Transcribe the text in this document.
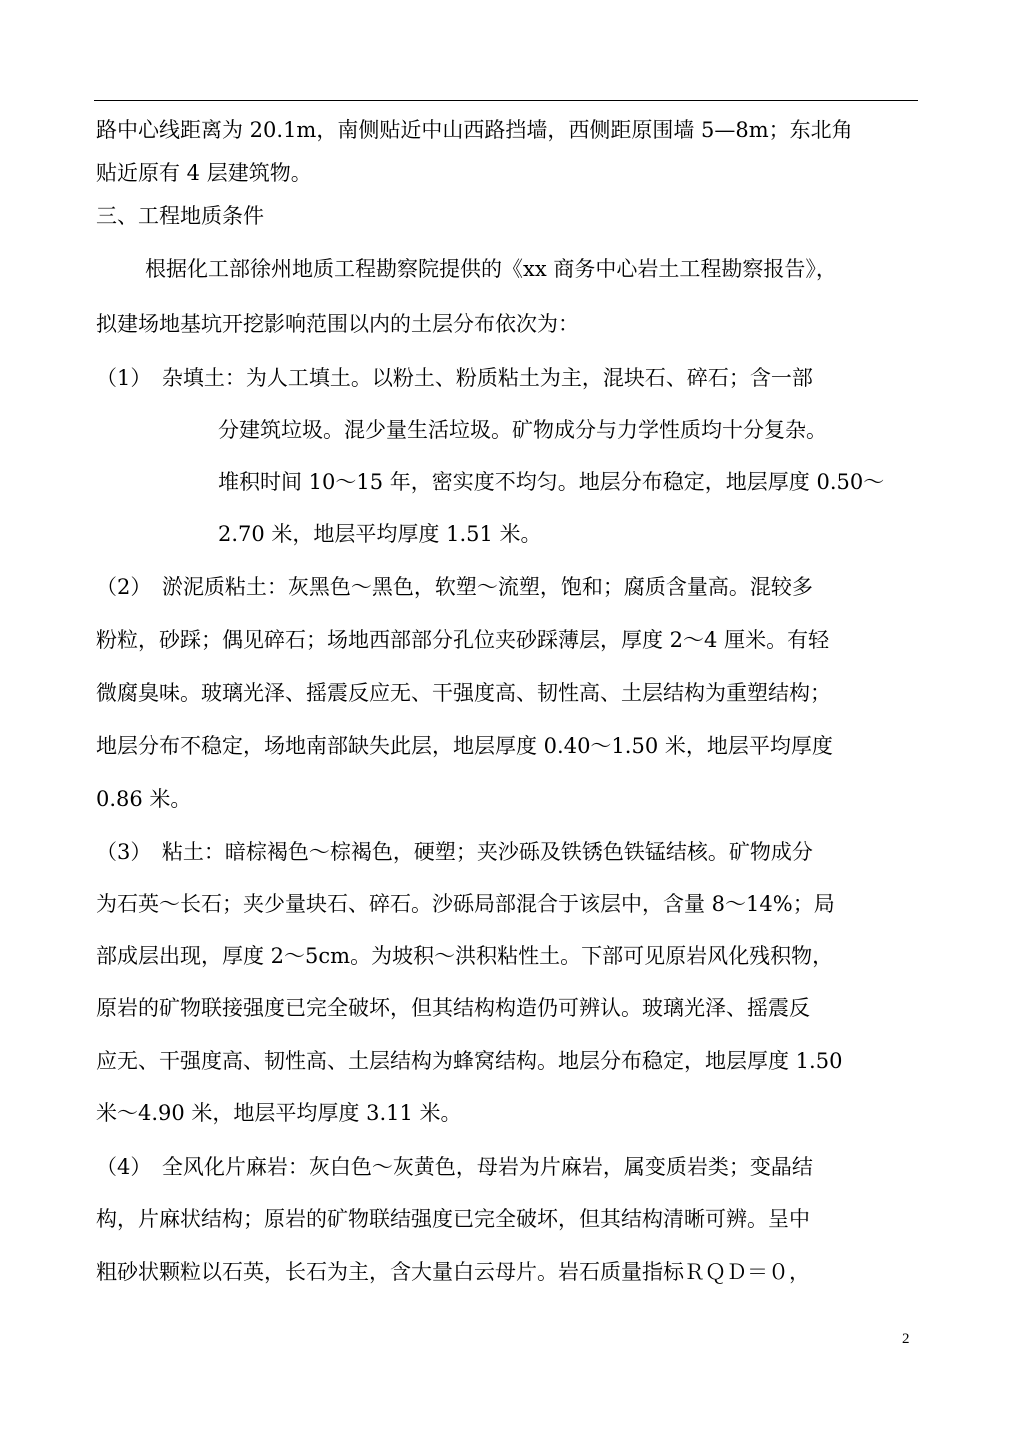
路中心线距离为 20.1m，南侧贴近中山西路挡墙，西侧距原围墙 5—8m；东北角
贴近原有 4 层建筑物。
三、工程地质条件
根据化工部徐州地质工程勘察院提供的《xx 商务中心岩土工程勘察报告》，
拟建场地基坑开挖影响范围以内的土层分布依次为：
（1）　杂填土：为人工填土。以粉土、粉质粘土为主，混块石、碎石；含一部
分建筑垃圾。混少量生活垃圾。矿物成分与力学性质均十分复杂。
堆积时间 10～15 年，密实度不均匀。地层分布稳定，地层厚度 0.50～
2.70 米，地层平均厚度 1.51 米。
（2）　淤泥质粘土：灰黑色～黑色，软塑～流塑，饱和；腐质含量高。混较多
粉粒，砂踩；偶见碎石；场地西部部分孔位夹砂踩薄层，厚度 2～4 厘米。有轻
微腐臭味。玻璃光泽、摇震反应无、干强度高、韧性高、土层结构为重塑结构；
地层分布不稳定，场地南部缺失此层，地层厚度 0.40～1.50 米，地层平均厚度
0.86 米。
（3）　粘土：暗棕褐色～棕褐色，硬塑；夹沙砾及铁锈色铁锰结核。矿物成分
为石英～长石；夹少量块石、碎石。沙砾局部混合于该层中，含量 8～14%；局
部成层出现，厚度 2～5cm。为坡积～洪积粘性土。下部可见原岩风化残积物，
原岩的矿物联接强度已完全破坏，但其结构构造仍可辨认。玻璃光泽、摇震反
应无、干强度高、韧性高、土层结构为蜂窝结构。地层分布稳定，地层厚度 1.50
米～4.90 米，地层平均厚度 3.11 米。
（4）　全风化片麻岩：灰白色～灰黄色，母岩为片麻岩，属变质岩类；变晶结
构，片麻状结构；原岩的矿物联结强度已完全破坏，但其结构清晰可辨。呈中
粗砂状颗粒以石英，长石为主，含大量白云母片。岩石质量指标ＲＱＤ＝０，
2
